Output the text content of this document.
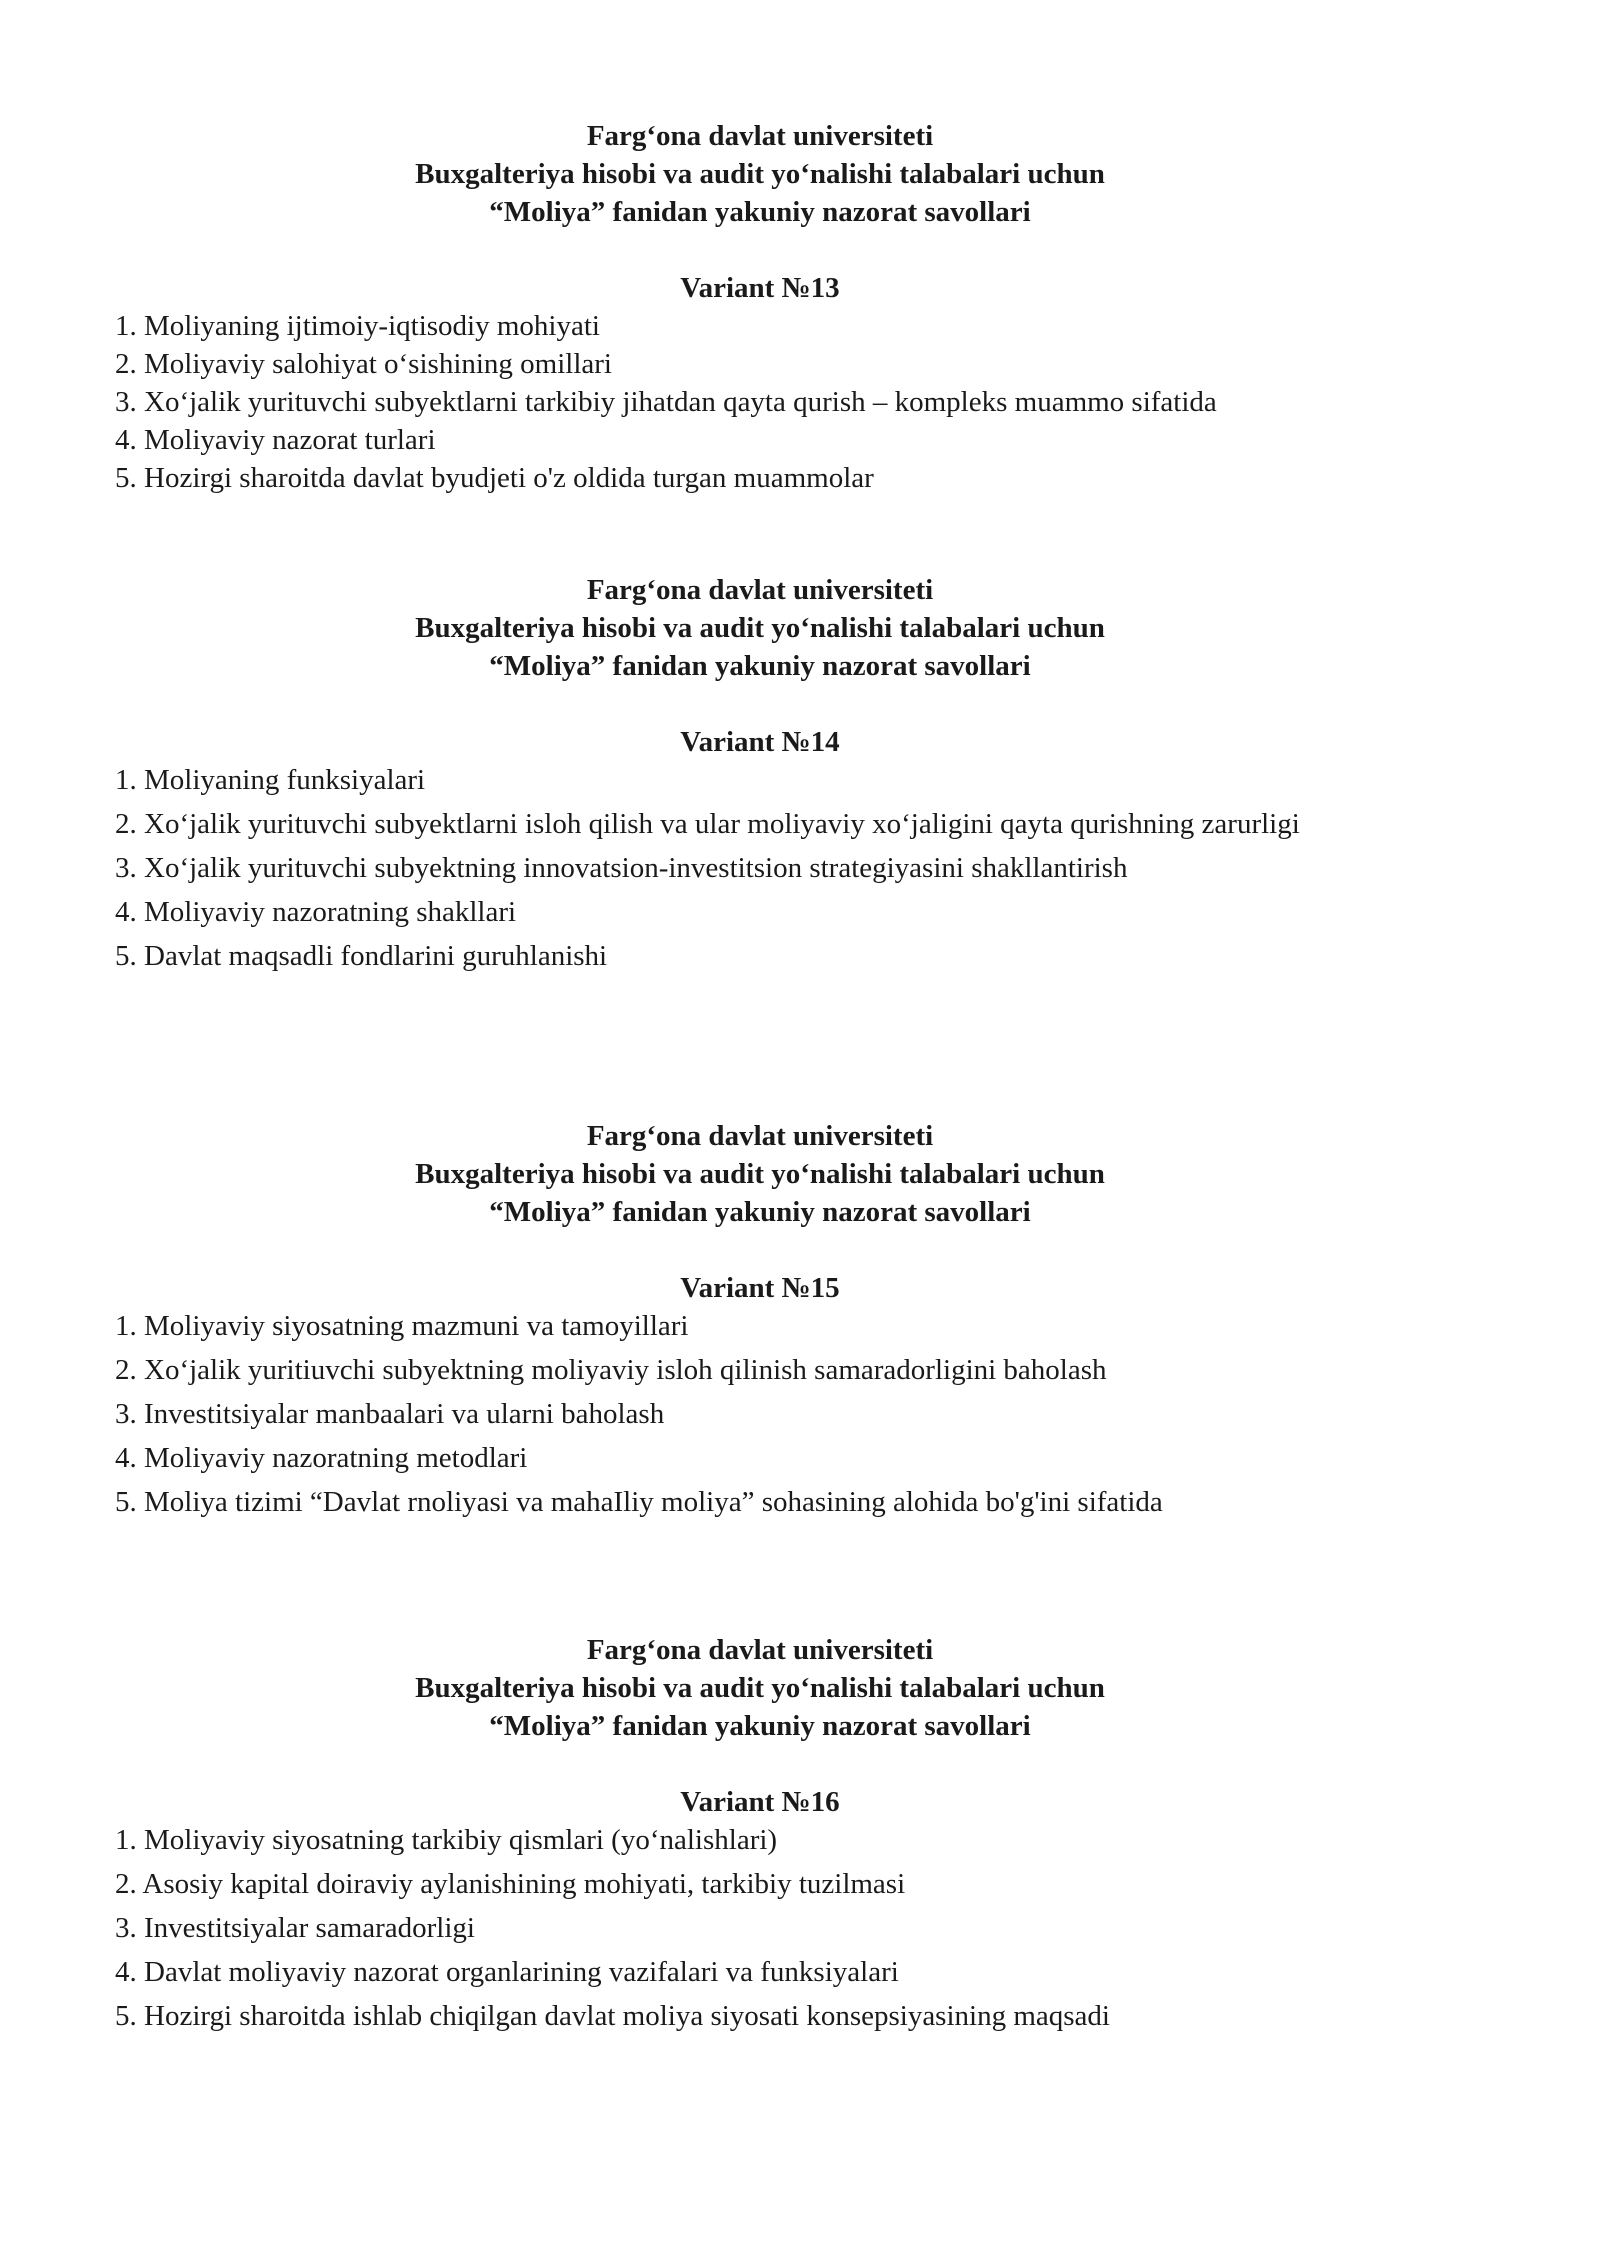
Farg‘ona davlat universiteti
Buxgalteriya hisobi va audit yo‘nalishi talabalari uchun
“Moliya” fanidan yakuniy nazorat savollari
Variant №13
1. Moliyaning ijtimoiy-iqtisodiy mohiyati
2. Moliyaviy salohiyat o‘sishining omillari
3. Xo‘jalik yurituvchi subyektlarni tarkibiy jihatdan qayta qurish – kompleks muammo sifatida
4. Moliyaviy nazorat turlari
5. Hozirgi sharoitda davlat byudjeti o'z oldida turgan muammolar
Farg‘ona davlat universiteti
Buxgalteriya hisobi va audit yo‘nalishi talabalari uchun
“Moliya” fanidan yakuniy nazorat savollari
Variant №14
1. Moliyaning funksiyalari
2. Xo‘jalik yurituvchi subyektlarni isloh qilish va ular moliyaviy xo‘jaligini qayta qurishning zarurligi
3. Xo‘jalik yurituvchi subyektning innovatsion-investitsion strategiyasini shakllantirish
4. Moliyaviy nazoratning shakllari
5. Davlat maqsadli fondlarini guruhlanishi
Farg‘ona davlat universiteti
Buxgalteriya hisobi va audit yo‘nalishi talabalari uchun
“Moliya” fanidan yakuniy nazorat savollari
Variant №15
1. Moliyaviy siyosatning mazmuni va tamoyillari
2. Xo‘jalik yuritiuvchi subyektning moliyaviy isloh qilinish samaradorligini baholash
3. Investitsiyalar manbaalari va ularni baholash
4. Moliyaviy nazoratning metodlari
5. Moliya tizimi “Davlat rnoliyasi va mahaIliy moliya” sohasining alohida bo'g'ini sifatida
Farg‘ona davlat universiteti
Buxgalteriya hisobi va audit yo‘nalishi talabalari uchun
“Moliya” fanidan yakuniy nazorat savollari
Variant №16
1. Moliyaviy siyosatning tarkibiy qismlari (yo‘nalishlari)
2. Asosiy kapital doiraviy aylanishining mohiyati, tarkibiy tuzilmasi
3. Investitsiyalar samaradorligi
4. Davlat moliyaviy nazorat organlarining vazifalari va funksiyalari
5. Hozirgi sharoitda ishlab chiqilgan davlat moliya siyosati konsepsiyasining maqsadi
